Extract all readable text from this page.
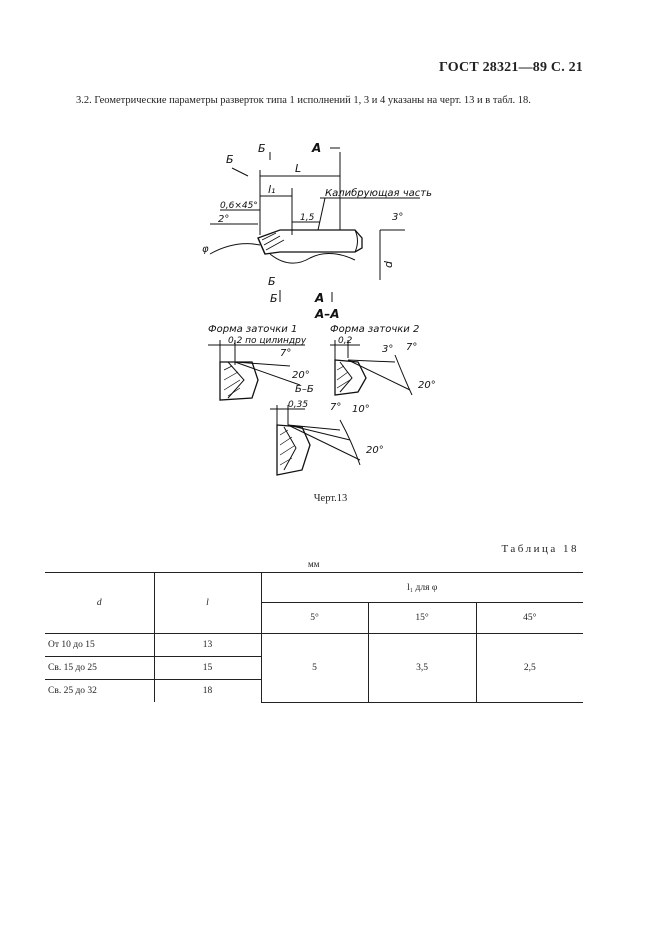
ГОСТ 28321—89 С. 21
3.2. Геометрические параметры разверток типа 1 исполнений 1, 3 и 4 указаны на черт. 13 и в табл. 18.
L
l₁
0,6×45°
Калибрующая часть
2°	1,5	3°
φ
d
Б
Б	А
Б
Б	А
А–А
Форма заточки 1
0,2 по цилиндру
7°
20°
Б–Б
Форма заточки 2
0,2
3° 7°
20°
0,35 7° 10°
20°
Черт.13
Таблица 18
мм
d	l	l₁ для φ		
		5°	15°	45°
От 10 до 15	13	5	3,5	2,5
Св. 15 до 25	15			
Св. 25 до 32	18			
